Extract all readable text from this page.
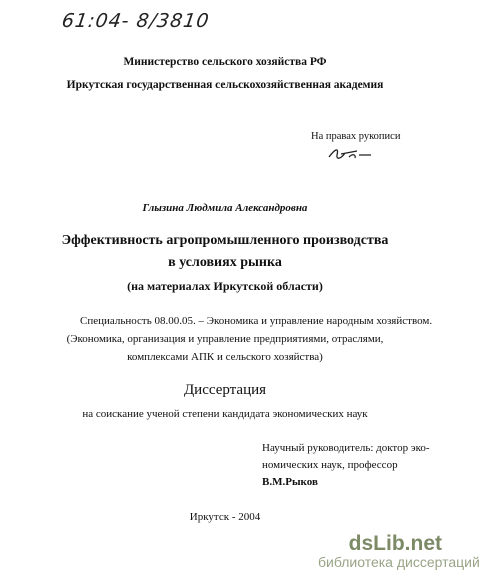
61:04- 8/3810
Министерство сельского хозяйства РФ
Иркутская государственная сельскохозяйственная академия
На правах рукописи
Глызина Людмила Александровна
Эффективность агропромышленного производства
в условиях рынка
(на материалах Иркутской области)
Специальность 08.00.05. – Экономика и управление народным хозяйством.
(Экономика, организация и управление предприятиями, отраслями,
комплексами АПК и сельского хозяйства)
Диссертация
на соискание ученой степени кандидата экономических наук
Научный руководитель: доктор эко-
номических наук, профессор
В.М.Рыков
Иркутск - 2004
dsLib.net
библиотека диссертаций
